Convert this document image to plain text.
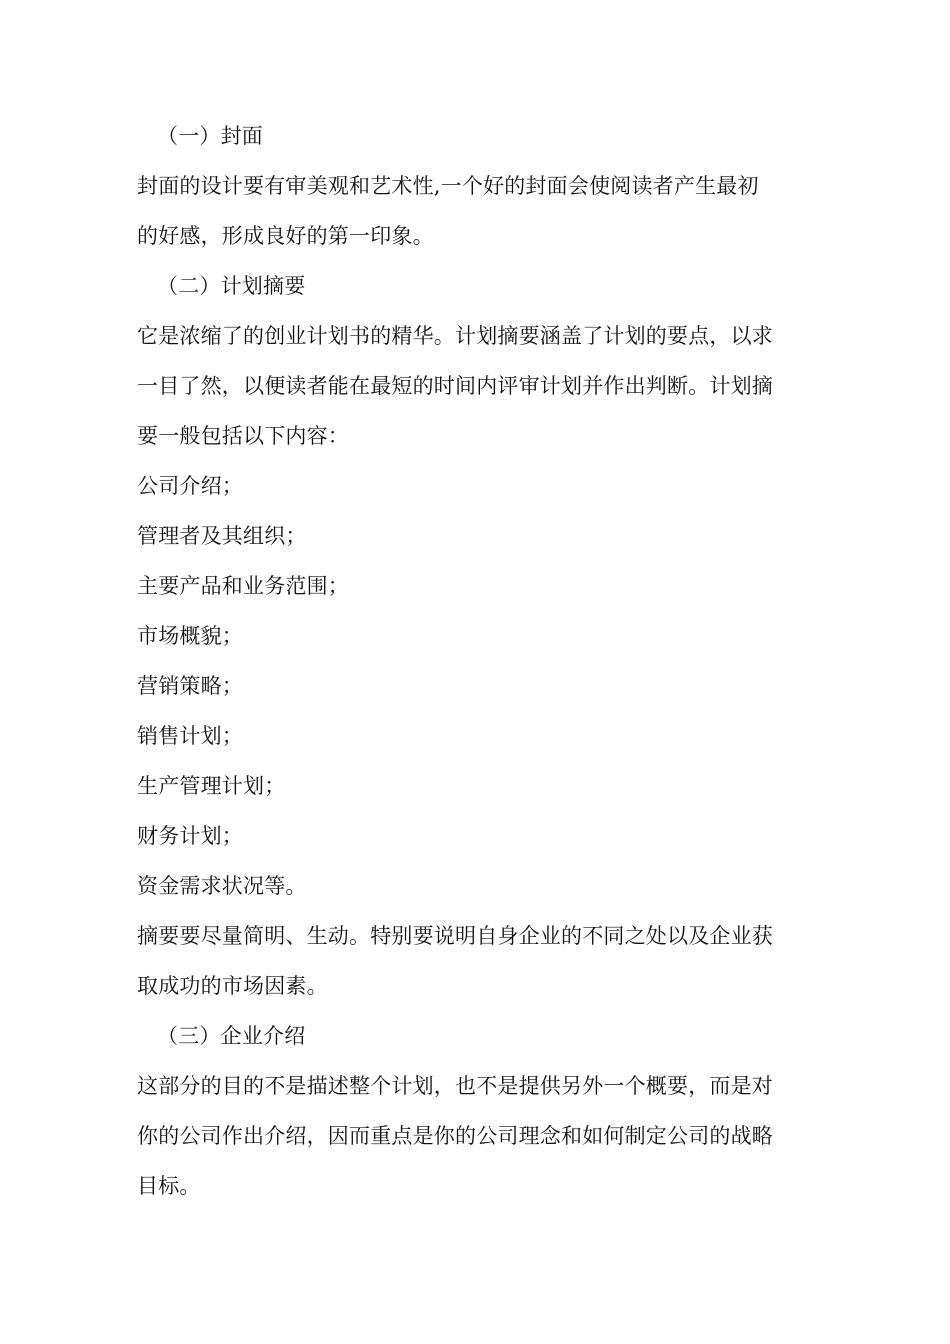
（一）封面
封面的设计要有审美观和艺术性,一个好的封面会使阅读者产生最初
的好感，形成良好的第一印象。
（二）计划摘要
它是浓缩了的创业计划书的精华。计划摘要涵盖了计划的要点，以求
一目了然，以便读者能在最短的时间内评审计划并作出判断。计划摘
要一般包括以下内容：
公司介绍；
管理者及其组织；
主要产品和业务范围；
市场概貌；
营销策略；
销售计划；
生产管理计划；
财务计划；
资金需求状况等。
摘要要尽量简明、生动。特别要说明自身企业的不同之处以及企业获
取成功的市场因素。
（三）企业介绍
这部分的目的不是描述整个计划，也不是提供另外一个概要，而是对
你的公司作出介绍，因而重点是你的公司理念和如何制定公司的战略
目标。
